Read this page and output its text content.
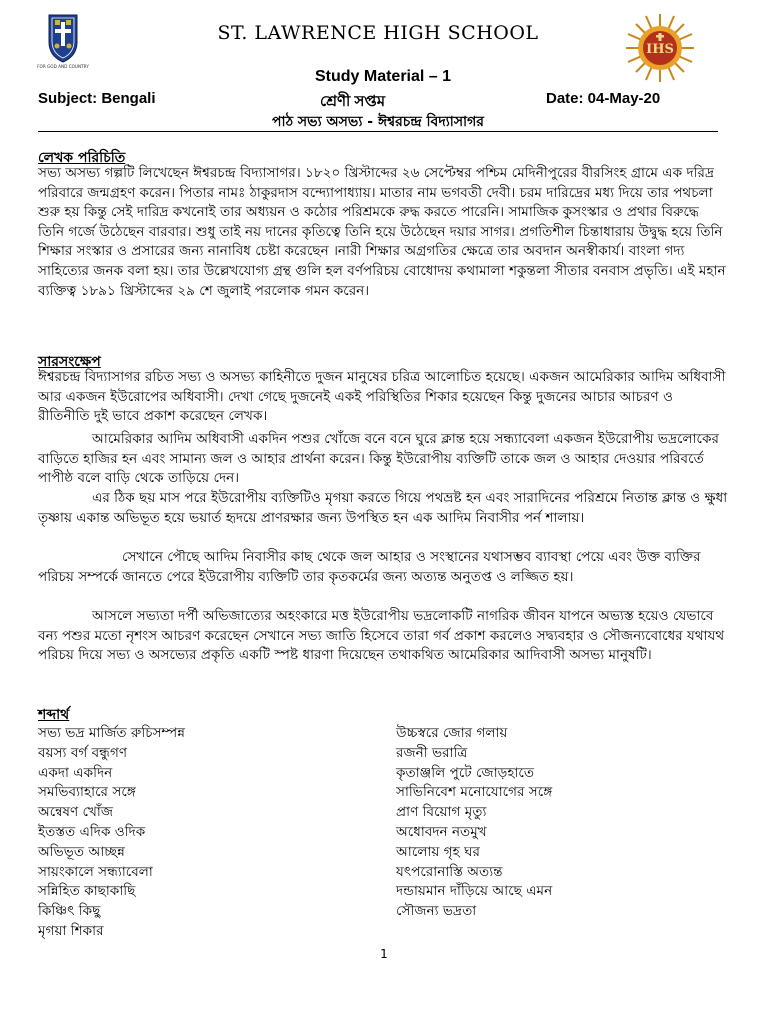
FOR GOD AND COUNTRY
ST. LAWRENCE HIGH SCHOOL
IHS
Study Material – 1
Subject: Bengali	শ্রেণী সপ্তম	Date: 04-May-20
পাঠ সভ্য অসভ্য - ঈশ্বরচন্দ্র বিদ্যাসাগর
লেখক পরিচিতি
সভ্য অসভ্য গল্পটি লিখেছেন ঈশ্বরচন্দ্র বিদ্যাসাগর। ১৮২০ খ্রিস্টাব্দের ২৬ সেপ্টেম্বর পশ্চিম মেদিনীপুরের বীরসিংহ গ্রামে এক দরিদ্র পরিবারে জন্মগ্রহণ করেন। পিতার নামঃ ঠাকুরদাস বন্দ্যোপাধ্যায়। মাতার নাম ভগবতী দেবী। চরম দারিদ্রের মধ্য দিয়ে তার পথচলা শুরু হয় কিন্তু সেই দারিদ্র কখনোই তার অধ্যয়ন ও কঠোর পরিশ্রমকে রুদ্ধ করতে পারেনি। সামাজিক কুসংস্কার ও প্রথার বিরুদ্ধে তিনি গর্জে উঠেছেন বারবার। শুধু তাই নয় দানের কৃতিত্বে তিনি হয়ে উঠেছেন দয়ার সাগর। প্রগতিশীল চিন্তাধারায় উদ্বুদ্ধ হয়ে তিনি শিক্ষার সংস্কার ও প্রসারের জন্য নানাবিধ চেষ্টা করেছেন ।নারী শিক্ষার অগ্রগতির ক্ষেত্রে তার অবদান অনস্বীকার্য। বাংলা গদ্য সাহিত্যের জনক বলা হয়। তার উল্লেখযোগ্য গ্রন্থ গুলি হল বর্ণপরিচয় বোধোদয় কথামালা শকুন্তলা সীতার বনবাস প্রভৃতি। এই মহান ব্যক্তিত্ব ১৮৯১ খ্রিস্টাব্দের ২৯ শে জুলাই পরলোক গমন করেন।
সারসংক্ষেপ
ঈশ্বরচন্দ্র বিদ্যাসাগর রচিত সভ্য ও অসভ্য কাহিনীতে দুজন মানুষের চরিত্র আলোচিত হয়েছে। একজন আমেরিকার আদিম অধিবাসী আর একজন ইউরোপের অধিবাসী। দেখা গেছে দুজনেই একই পরিস্থিতির শিকার হয়েছেন কিন্তু দুজনের আচার আচরণ ও রীতিনীতি দুই ভাবে প্রকাশ করেছেন লেখক।
আমেরিকার আদিম অধিবাসী একদিন পশুর খোঁজে বনে বনে ঘুরে ক্লান্ত হয়ে সন্ধ্যাবেলা একজন ইউরোপীয় ভদ্রলোকের বাড়িতে হাজির হন এবং সামান্য জল ও আহার প্রার্থনা করেন। কিন্তু ইউরোপীয় ব্যক্তিটি তাকে জল ও আহার দেওয়ার পরিবর্তে পাপীষ্ঠ বলে বাড়ি থেকে তাড়িয়ে দেন।
এর ঠিক ছয় মাস পরে ইউরোপীয় ব্যক্তিটিও মৃগয়া করতে গিয়ে পথভ্রষ্ট হন এবং সারাদিনের পরিশ্রমে নিতান্ত ক্লান্ত ও ক্ষুধা তৃষ্ণায় একান্ত অভিভূত হয়ে ভয়ার্ত হৃদয়ে প্রাণরক্ষার জন্য উপস্থিত হন এক আদিম নিবাসীর পর্ন শালায়।
সেখানে পৌছে আদিম নিবাসীর কাছ থেকে জল আহার ও সংস্থানের যথাসম্ভব ব্যাবস্থা পেয়ে এবং উক্ত ব্যক্তির পরিচয় সম্পর্কে জানতে পেরে ইউরোপীয় ব্যক্তিটি তার কৃতকর্মের জন্য অত্যন্ত অনুতপ্ত ও লজ্জিত হয়।
আসলে সভ্যতা দর্পী অভিজাত্যের অহংকারে মত্ত ইউরোপীয় ভদ্রলোকটি নাগরিক জীবন যাপনে অভ্যস্ত হয়েও যেভাবে বন্য পশুর মতো নৃশংস আচরণ করেছেন সেখানে সভ্য জাতি হিসেবে তারা গর্ব প্রকাশ করলেও সদ্ব্যবহার ও সৌজন্যবোধের যথাযথ পরিচয় দিয়ে সভ্য ও অসভ্যের প্রকৃতি একটি স্পষ্ট ধারণা দিয়েছেন তথাকথিত আমেরিকার আদিবাসী অসভ্য মানুষটি।
শব্দার্থ
সভ্য ভদ্র মার্জিত রুচিসম্পন্ন
বয়স্য বর্গ বন্ধুগণ
একদা একদিন
সমভিব্যাহারে সঙ্গে
অন্বেষণ খোঁজ
ইতস্তত এদিক ওদিক
অভিভূত আচ্ছন্ন
সায়ংকালে সন্ধ্যাবেলা
সন্নিহিত কাছাকাছি
কিঞ্চিৎ কিছু
মৃগয়া শিকার
উচ্চস্বরে জোর গলায়
রজনী ভরাত্রি
কৃতাঞ্জলি পুটে জোড়হাতে
সাভিনিবেশ মনোযোগের সঙ্গে
প্রাণ বিয়োগ মৃত্যু
অধোবদন নতমুখ
আলোয় গৃহ ঘর
যৎপরোনাস্তি অত্যন্ত
দন্ডায়মান দাঁড়িয়ে আছে এমন
সৌজন্য ভদ্রতা
1
